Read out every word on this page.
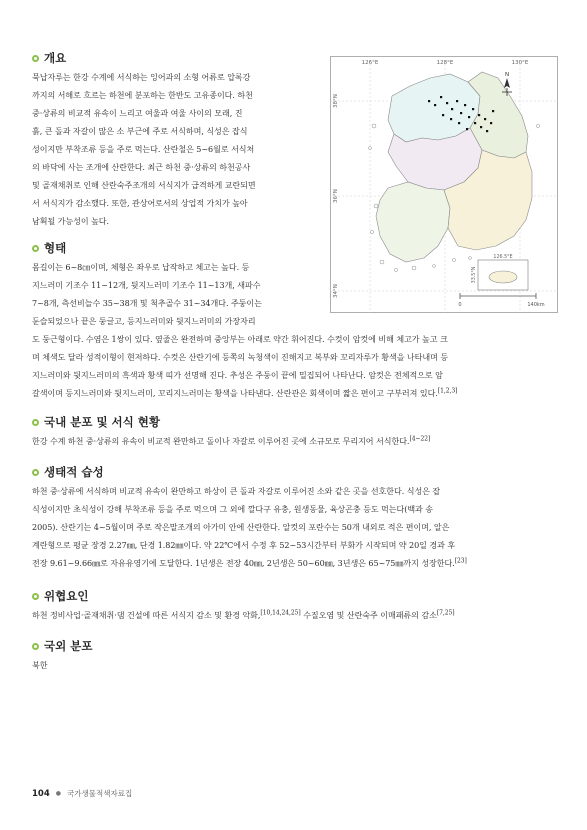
개요
묵납자루는 한강 수계에 서식하는 잉어과의 소형 어류로 압록강
까지의 서해로 흐르는 하천에 분포하는 한반도 고유종이다. 하천
중·상류의 비교적 유속이 느리고 여울과 여울 사이의 모래, 진
흙, 큰 돌과 자갈이 많은 소 부근에 주로 서식하며, 식성은 잡식
성이지만 부착조류 등을 주로 먹는다. 산란철은 5~6월로 서식처
의 바닥에 사는 조개에 산란한다. 최근 하천 중·상류의 하천공사
및 골재채취로 인해 산란숙주조개의 서식지가 급격하게 교란되면
서 서식지가 감소했다. 또한, 관상어로서의 상업적 가치가 높아
남획될 가능성이 높다.
형태
몸길이는 6~8㎝이며, 체형은 좌우로 납작하고 체고는 높다. 등
지느러미 기조수 11~12개, 뒷지느러미 기조수 11~13개, 새파수
7~8개, 측선비늘수 35~38개 및 척추골수 31~34개다. 주둥이는
둔슬되었으나 끝은 둥글고, 등지느러미와 뒷지느러미의 가장자리
도 둥근형이다. 수염은 1쌍이 있다. 옆줄은 완전하며 중앙부는 아래로 약간 휘어진다. 수컷이 암컷에 비해 체고가 높고 크
며 체색도 달라 성적이형이 현저하다. 수컷은 산란기에 등쪽의 녹청색이 진해지고 복부와 꼬리자루가 황색을 나타내며 등
지느러미와 뒷지느러미의 흑색과 황색 띠가 선명해 진다. 추성은 주둥이 끝에 밀집되어 나타난다. 암컷은 전체적으로 암
갈색이며 등지느러미와 뒷지느러미, 꼬리지느러미는 황색을 나타낸다. 산란관은 회색이며 짧은 편이고 구부러져 있다.[1,2,3]
국내 분포 및 서식 현황
한강 수계 하천 중·상류의 유속이 비교적 완만하고 돌이나 자갈로 이루어진 곳에 소규모로 무리지어 서식한다.[4~22]
생태적 습성
하천 중·상류에 서식하며 비교적 유속이 완만하고 하상이 큰 돌과 자갈로 이루어진 소와 같은 곳을 선호한다. 식성은 잡
식성이지만 초식성이 강해 부착조류 등을 주로 먹으며 그 외에 깔다구 유충, 원생동물, 육상곤충 등도 먹는다(백과 송
2005). 산란기는 4~5월이며 주로 작은말조개의 아가미 안에 산란한다. 알컷의 포란수는 50개 내외로 적은 편이며, 알은
계란형으로 평균 장경 2.27㎜, 단경 1.82㎜이다. 약 22℃에서 수정 후 52~53시간부터 부화가 시작되며 약 20일 경과 후
전장 9.61~9.66㎜로 자유유영기에 도달한다. 1년생은 전장 40㎜, 2년생은 50~60㎜, 3년생은 65~75㎜까지 성장한다.[23]
위협요인
하천 정비사업·골재채취·댐 건설에 따른 서식지 감소 및 환경 악화,[10,14,24,25] 수질오염 및 산란숙주 이매패류의 감소[7,25]
국외 분포
북한
126°E	128°E	130°E
38°N
36°N
34°N
N
126.5°E
33.5°N
0	140km
104 ● 국가생물적색자료집
